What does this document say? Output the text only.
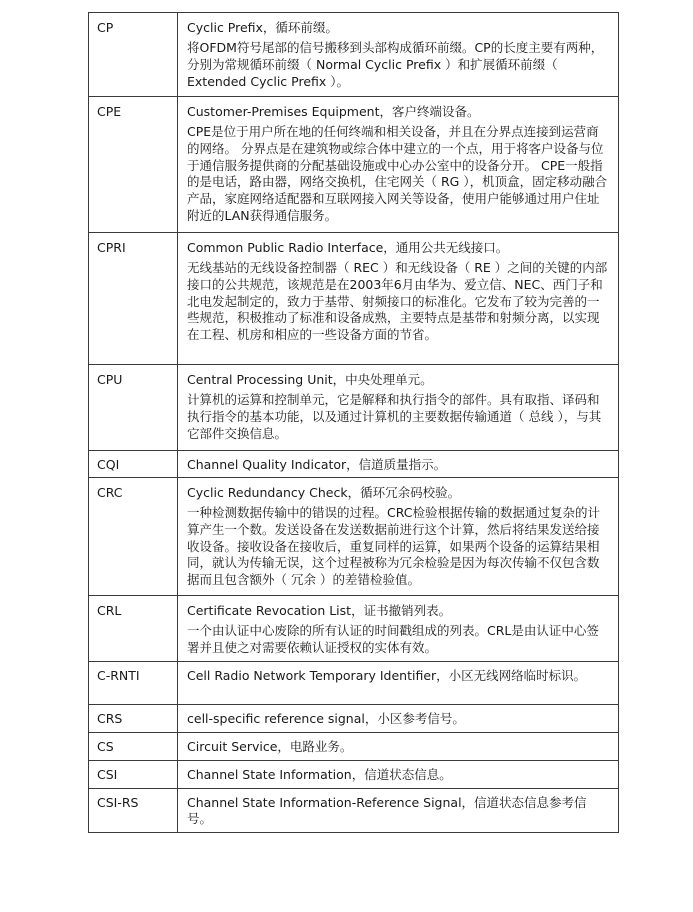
CP	Cyclic Prefix，循环前缀。

将OFDM符号尾部的信号搬移到头部构成循环前缀。CP的长度主要有两种，分别为常规循环前缀（ Normal Cyclic Prefix ）和扩展循环前缀（ Extended Cyclic Prefix ）。

CPE	Customer-Premises Equipment，客户终端设备。

CPE是位于用户所在地的任何终端和相关设备，并且在分界点连接到运营商的网络。 分界点是在建筑物或综合体中建立的一个点，用于将客户设备与位于通信服务提供商的分配基础设施或中心办公室中的设备分开。 CPE一般指的是电话，路由器，网络交换机，住宅网关（ RG ），机顶盒，固定移动融合产品，家庭网络适配器和互联网接入网关等设备，使用户能够通过用户住址附近的LAN获得通信服务。

CPRI	Common Public Radio Interface，通用公共无线接口。

无线基站的无线设备控制器（ REC ）和无线设备（ RE ）之间的关键的内部接口的公共规范，该规范是在2003年6月由华为、爱立信、NEC、西门子和北电发起制定的，致力于基带、射频接口的标准化。它发布了较为完善的一些规范，积极推动了标准和设备成熟，主要特点是基带和射频分离，以实现在工程、机房和相应的一些设备方面的节省。

CPU	Central Processing Unit，中央处理单元。

计算机的运算和控制单元，它是解释和执行指令的部件。具有取指、译码和执行指令的基本功能，以及通过计算机的主要数据传输通道（ 总线 ），与其它部件交换信息。

CQI	Channel Quality Indicator，信道质量指示。

CRC	Cyclic Redundancy Check，循环冗余码校验。

一种检测数据传输中的错误的过程。CRC检验根据传输的数据通过复杂的计算产生一个数。发送设备在发送数据前进行这个计算，然后将结果发送给接收设备。接收设备在接收后，重复同样的运算，如果两个设备的运算结果相同，就认为传输无误，这个过程被称为冗余检验是因为每次传输不仅包含数据而且包含额外（ 冗余 ）的差错检验值。

CRL	Certificate Revocation List，证书撤销列表。

一个由认证中心废除的所有认证的时间戳组成的列表。CRL是由认证中心签署并且使之对需要依赖认证授权的实体有效。

C-RNTI	Cell Radio Network Temporary Identifier，小区无线网络临时标识。

CRS	cell-specific reference signal，小区参考信号。

CS	Circuit Service，电路业务。

CSI	Channel State Information，信道状态信息。

CSI-RS	Channel State Information-Reference Signal，信道状态信息参考信号。
